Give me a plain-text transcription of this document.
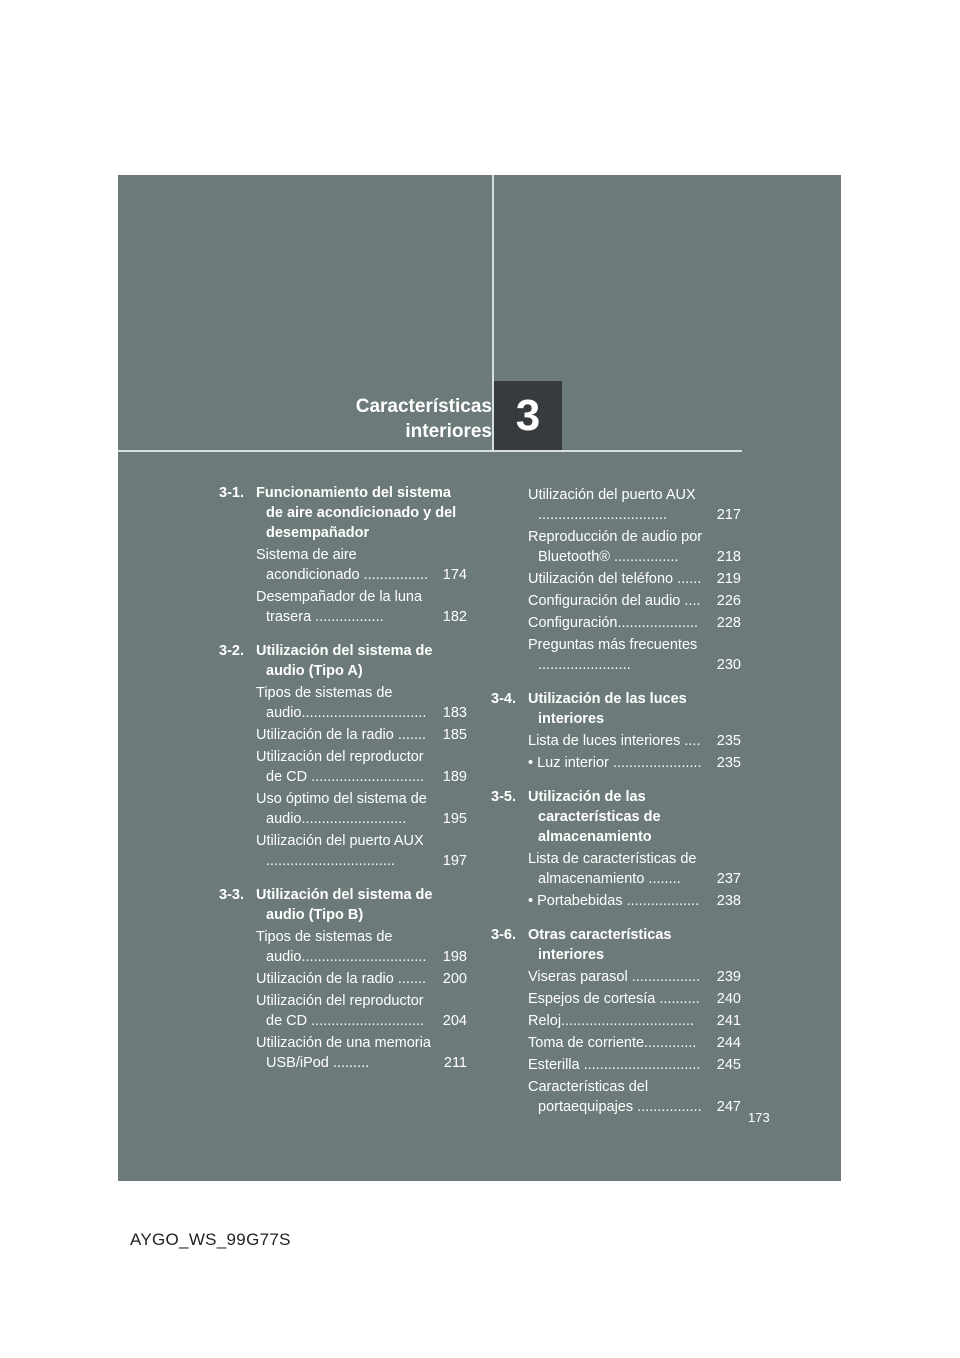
Características
interiores 3
3-1. Funcionamiento del sistema de aire acondicionado y del desempañador
Sistema de aire acondicionado ................	174
Desempañador de la luna trasera .................	182
3-2. Utilización del sistema de audio (Tipo A)
Tipos de sistemas de audio...............................	183
Utilización de la radio .......	185
Utilización del reproductor de CD ............................	189
Uso óptimo del sistema de audio..........................	195
Utilización del puerto AUX ................................	197
3-3. Utilización del sistema de audio (Tipo B)
Tipos de sistemas de audio...............................	198
Utilización de la radio .......	200
Utilización del reproductor de CD ............................	204
Utilización de una memoria USB/iPod .........	211
Utilización del puerto AUX ................................	217
Reproducción de audio por Bluetooth® ................	218
Utilización del teléfono ......	219
Configuración del audio ....	226
Configuración....................	228
Preguntas más frecuentes .......................	230
3-4. Utilización de las luces interiores
Lista de luces interiores ....	235
• Luz interior ......................	235
3-5. Utilización de las características de almacenamiento
Lista de características de almacenamiento ........	237
• Portabebidas ..................	238
3-6. Otras características interiores
Viseras parasol .................	239
Espejos de cortesía ..........	240
Reloj.................................	241
Toma de corriente.............	244
Esterilla .............................	245
Características del portaequipajes ................	247
173
AYGO_WS_99G77S
